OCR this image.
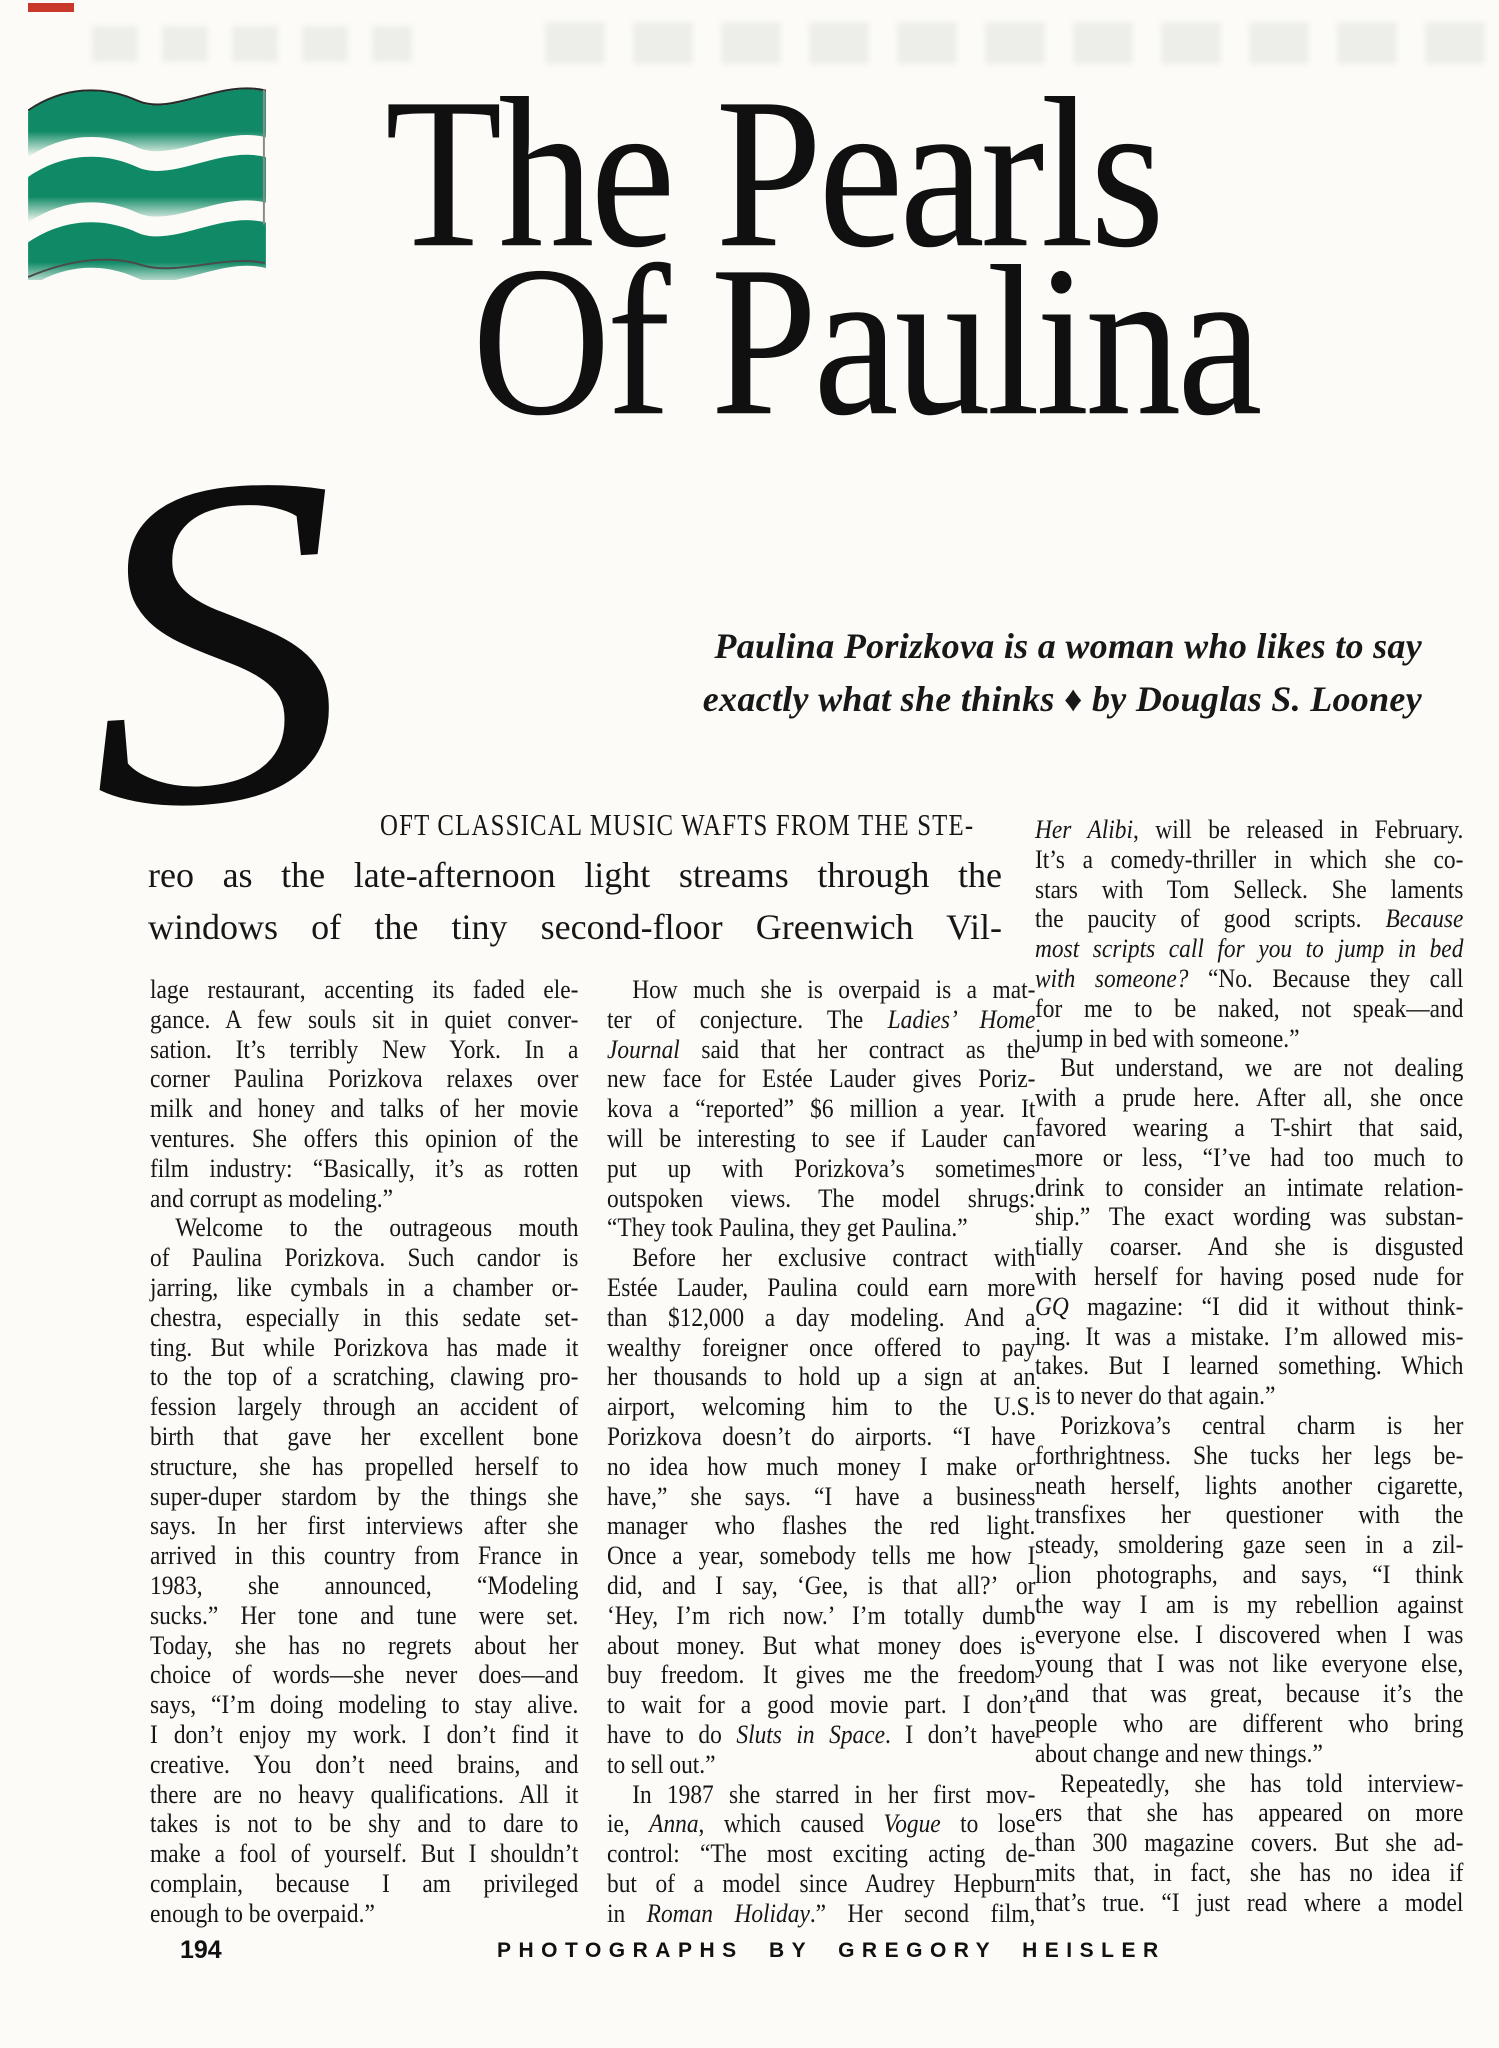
The Pearls
Of Paulina
Paulina Porizkova is a woman who likes to say
exactly what she thinks ♦ by Douglas S. Looney
S OFT CLASSICAL MUSIC WAFTS FROM THE STE-
reo as the late-afternoon light streams through the
windows of the tiny second-floor Greenwich Vil-
lage restaurant, accenting its faded ele-
gance. A few souls sit in quiet conver-
sation. It’s terribly New York. In a
corner Paulina Porizkova relaxes over
milk and honey and talks of her movie
ventures. She offers this opinion of the
film industry: “Basically, it’s as rotten
and corrupt as modeling.”
Welcome to the outrageous mouth
of Paulina Porizkova. Such candor is
jarring, like cymbals in a chamber or-
chestra, especially in this sedate set-
ting. But while Porizkova has made it
to the top of a scratching, clawing pro-
fession largely through an accident of
birth that gave her excellent bone
structure, she has propelled herself to
super-duper stardom by the things she
says. In her first interviews after she
arrived in this country from France in
1983, she announced, “Modeling
sucks.” Her tone and tune were set.
Today, she has no regrets about her
choice of words—she never does—and
says, “I’m doing modeling to stay alive.
I don’t enjoy my work. I don’t find it
creative. You don’t need brains, and
there are no heavy qualifications. All it
takes is not to be shy and to dare to
make a fool of yourself. But I shouldn’t
complain, because I am privileged
enough to be overpaid.”
How much she is overpaid is a mat-
ter of conjecture. The Ladies’ Home
Journal said that her contract as the
new face for Estée Lauder gives Poriz-
kova a “reported” $6 million a year. It
will be interesting to see if Lauder can
put up with Porizkova’s sometimes
outspoken views. The model shrugs:
“They took Paulina, they get Paulina.”
Before her exclusive contract with
Estée Lauder, Paulina could earn more
than $12,000 a day modeling. And a
wealthy foreigner once offered to pay
her thousands to hold up a sign at an
airport, welcoming him to the U.S.
Porizkova doesn’t do airports. “I have
no idea how much money I make or
have,” she says. “I have a business
manager who flashes the red light.
Once a year, somebody tells me how I
did, and I say, ‘Gee, is that all?’ or
‘Hey, I’m rich now.’ I’m totally dumb
about money. But what money does is
buy freedom. It gives me the freedom
to wait for a good movie part. I don’t
have to do Sluts in Space. I don’t have
to sell out.”
In 1987 she starred in her first mov-
ie, Anna, which caused Vogue to lose
control: “The most exciting acting de-
but of a model since Audrey Hepburn
in Roman Holiday.” Her second film,
Her Alibi, will be released in February.
It’s a comedy-thriller in which she co-
stars with Tom Selleck. She laments
the paucity of good scripts. Because
most scripts call for you to jump in bed
with someone? “No. Because they call
for me to be naked, not speak—and
jump in bed with someone.”
But understand, we are not dealing
with a prude here. After all, she once
favored wearing a T-shirt that said,
more or less, “I’ve had too much to
drink to consider an intimate relation-
ship.” The exact wording was substan-
tially coarser. And she is disgusted
with herself for having posed nude for
GQ magazine: “I did it without think-
ing. It was a mistake. I’m allowed mis-
takes. But I learned something. Which
is to never do that again.”
Porizkova’s central charm is her
forthrightness. She tucks her legs be-
neath herself, lights another cigarette,
transfixes her questioner with the
steady, smoldering gaze seen in a zil-
lion photographs, and says, “I think
the way I am is my rebellion against
everyone else. I discovered when I was
young that I was not like everyone else,
and that was great, because it’s the
people who are different who bring
about change and new things.”
Repeatedly, she has told interview-
ers that she has appeared on more
than 300 magazine covers. But she ad-
mits that, in fact, she has no idea if
that’s true. “I just read where a model
194	PHOTOGRAPHS BY GREGORY HEISLER
